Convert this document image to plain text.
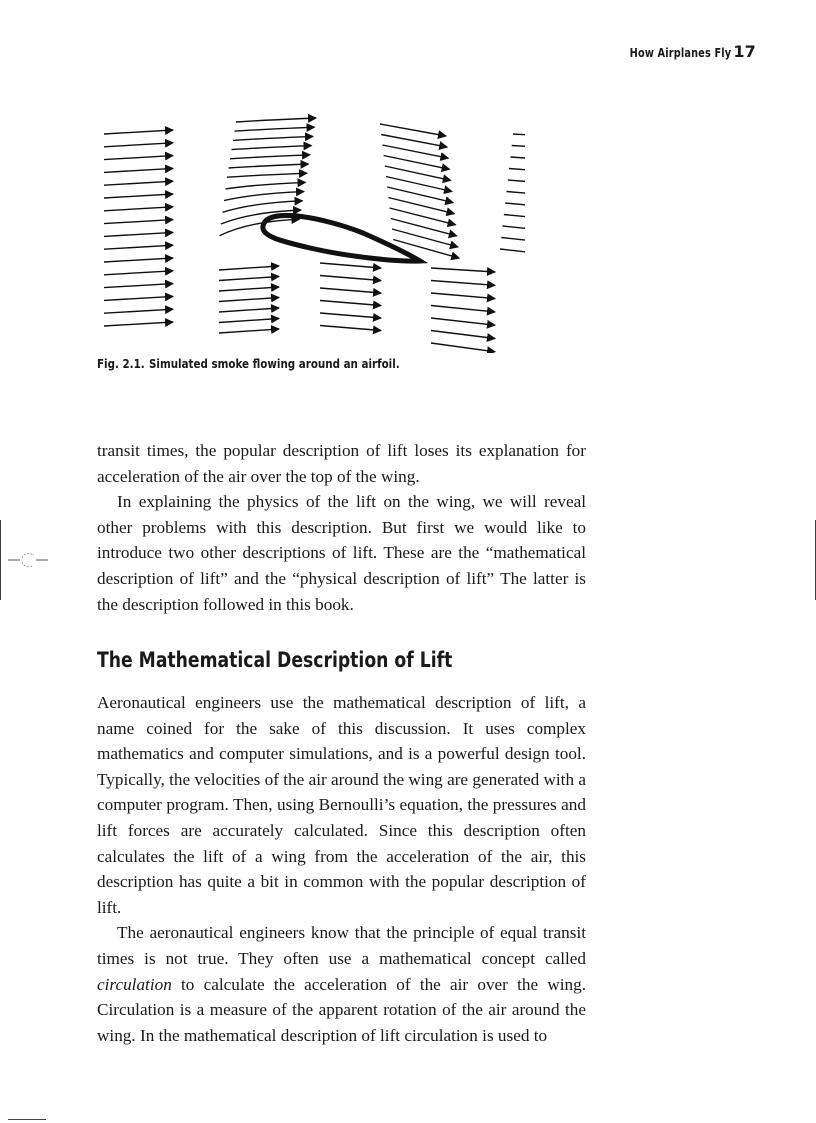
How Airplanes Fly 17
Fig. 2.1. Simulated smoke flowing around an airfoil.

transit times, the popular description of lift loses its explanation for acceleration of the air over the top of the wing.

In explaining the physics of the lift on the wing, we will reveal other problems with this description. But first we would like to introduce two other descriptions of lift. These are the “mathematical description of lift” and the “physical description of lift” The latter is the description followed in this book.

The Mathematical Description of Lift

Aeronautical engineers use the mathematical description of lift, a name coined for the sake of this discussion. It uses complex mathematics and computer simulations, and is a powerful design tool. Typically, the velocities of the air around the wing are generated with a computer program. Then, using Bernoulli’s equation, the pressures and lift forces are accurately calculated. Since this description often calculates the lift of a wing from the acceleration of the air, this description has quite a bit in common with the popular description of lift.

The aeronautical engineers know that the principle of equal transit times is not true. They often use a mathematical concept called circulation to calculate the acceleration of the air over the wing. Circulation is a measure of the apparent rotation of the air around the wing. In the mathematical description of lift circulation is used to
